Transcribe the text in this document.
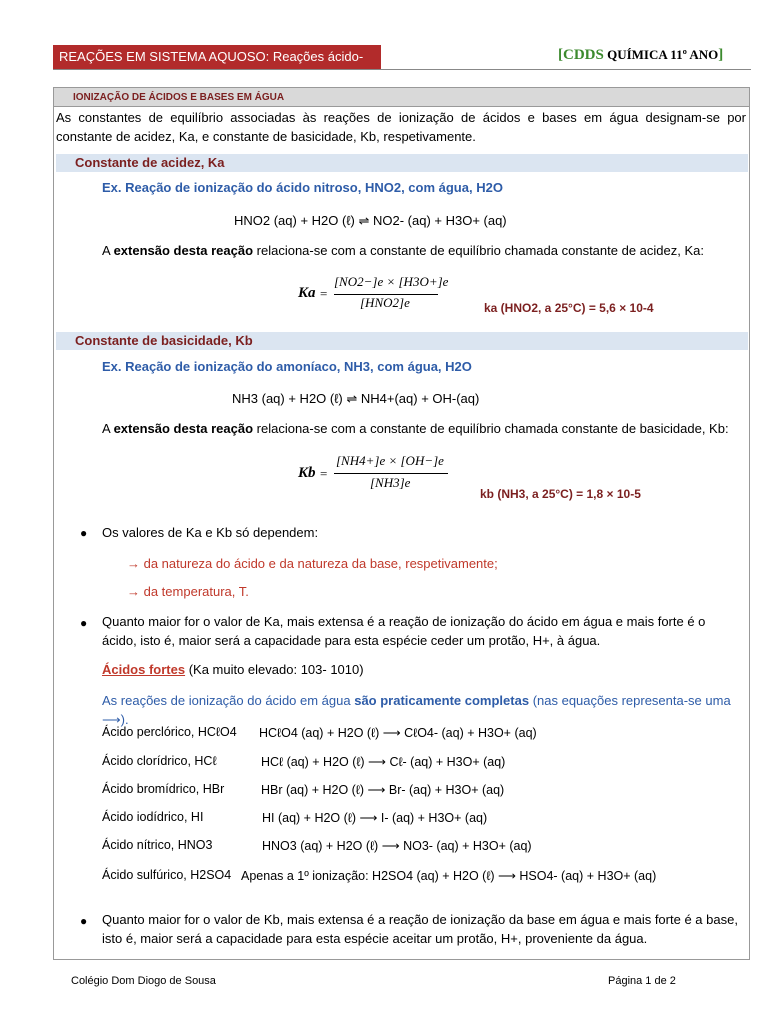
REAÇÕES EM SISTEMA AQUOSO: Reações ácido-base
[CDDS QUÍMICA 11º ANO]
IONIZAÇÃO DE ÁCIDOS E BASES EM ÁGUA
As constantes de equilíbrio associadas às reações de ionização de ácidos e bases em água designam-se por constante de acidez, Ka, e constante de basicidade, Kb, respetivamente.
Constante de acidez, Ka
Ex. Reação de ionização do ácido nitroso, HNO2, com água, H2O
HNO2 (aq) + H2O (ℓ) ⇌ NO2- (aq) + H3O+ (aq)
A extensão desta reação relaciona-se com a constante de equilíbrio chamada constante de acidez, Ka:
Ka =
[NO2−]e × [H3O+]e
[HNO2]e	ka (HNO2, a 25°C) = 5,6 × 10-4
Constante de basicidade, Kb
Ex. Reação de ionização do amoníaco, NH3, com água, H2O
NH3 (aq) + H2O (ℓ) ⇌ NH4+(aq) + OH-(aq)
A extensão desta reação relaciona-se com a constante de equilíbrio chamada constante de basicidade, Kb:
Kb =
[NH4+]e × [OH−]e
[NH3]e
kb (NH3, a 25°C) = 1,8 × 10-5
● Os valores de Ka e Kb só dependem:
→ da natureza do ácido e da natureza da base, respetivamente;
→ da temperatura, T.
● Quanto maior for o valor de Ka, mais extensa é a reação de ionização do ácido em água e mais forte é o ácido, isto é, maior será a capacidade para esta espécie ceder um protão, H+, à água.
Ácidos fortes (Ka muito elevado: 103- 1010)
As reações de ionização do ácido em água são praticamente completas (nas equações representa-se uma ⟶).
Ácido perclórico, HCℓO4 HCℓO4 (aq) + H2O (ℓ) ⟶ CℓO4- (aq) + H3O+ (aq)
Ácido clorídrico, HCℓ	HCℓ (aq) + H2O (ℓ) ⟶ Cℓ- (aq) + H3O+ (aq)
Ácido bromídrico, HBr	HBr (aq) + H2O (ℓ) ⟶ Br- (aq) + H3O+ (aq)
Ácido iodídrico, HI	HI (aq) + H2O (ℓ) ⟶ I- (aq) + H3O+ (aq)
Ácido nítrico, HNO3	HNO3 (aq) + H2O (ℓ) ⟶ NO3- (aq) + H3O+ (aq)
Ácido sulfúrico, H2SO4 Apenas a 1º ionização: H2SO4 (aq) + H2O (ℓ) ⟶ HSO4- (aq) + H3O+ (aq)
● Quanto maior for o valor de Kb, mais extensa é a reação de ionização da base em água e mais forte é a base, isto é, maior será a capacidade para esta espécie aceitar um protão, H+, proveniente da água.
Colégio Dom Diogo de Sousa	Página 1 de 2
